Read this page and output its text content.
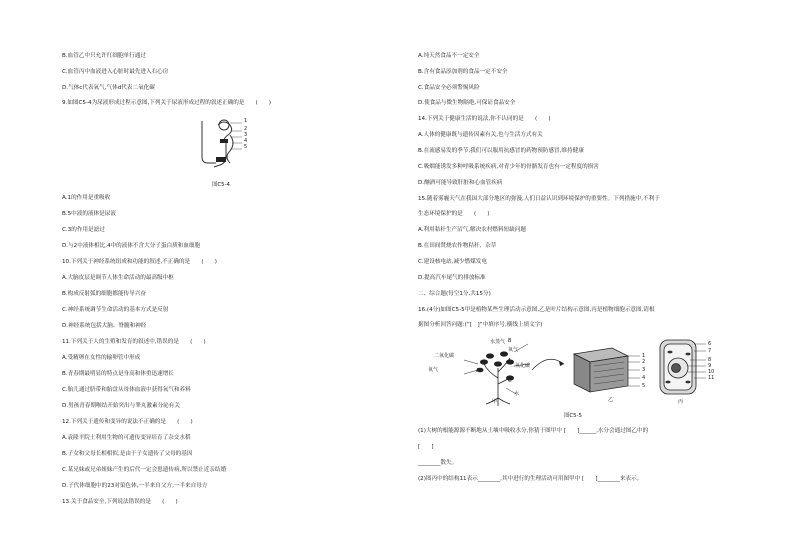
B.血管乙中只允许红细胞单行通过
C.血管丙中血液进入心脏时最先进入右心房
D.气体c代表氧气,气体d代表二氧化碳
9.如图C5-4为尿液形成过程示意图,下列关于尿液形成过程的叙述正确的是　　(　　)
1
2
3
4
5
图C5-4
A.1的作用是重吸收
B.5中液的液体是尿液
C.3的作用是滤过
D.与2中液体相比,4中的液体不含大分子蛋白质和血细胞
10.下列关于神经系统组成和功能的叙述,不正确的是　　(　　)
A.大脑皮层是调节人体生命活动的最高级中枢
B.构成反射弧的细胞都能传导兴奋
C.神经系统调节生命活动的基本方式是反射
D.神经系统包括大脑、脊髓和神经
11.下列关于人的生殖和发育的叙述中,错误的是　　(　　)
A.受精卵在女性的输卵管中形成
B.青春期最明显的特点是身高和体重迅速增长
C.胎儿通过脐带和胎盘从母体血液中获得氧气和养料
D.男孩青春期喉结开始突出与睾丸激素分泌有关
12.下列关于遗传和变异的说法不正确的是　　(　　)
A.袁隆平院士利用生物的可遗传变异培育了杂交水稻
B.子女和父母长相相似,是由于子女遗传了父母的基因
C.某兄妹或兄弟姐妹产生的后代一定会患遗传病,所以禁止近亲结婚
D.子代体细胞中的23对染色体,一半来自父方,一半来自母方
13.关于食品安全,下列说法错误的是　　(　　)
A.纯天然食品不一定安全
B.含有食品添加剂的食品一定不安全
C.食品安全必须警惕风险
D.使食品与微生物隔绝,可保证食品安全
14.下列关于健康生活的说法,你不认同的是　　(　　)
A.人体的健康既与遗传因素有关,也与生活方式有关
B.在流感易发的季节,我们可以服用抗感冒的药物预防感冒,维持健康
C.吸烟能诱发多种呼吸系统疾病,对青少年的骨骼发育也有一定程度的损害
D.酗酒可能导致肝脏和心血管疾病
15.随着雾霾天气在我国大部分地区的弥漫,人们日益认识到环境保护的重要性。下列措施中,不利于
生态环境保护的是　　(　　)
A.利用秸秆生产沼气,解决农村燃料短缺问题
B.在田间焚烧农作物秸秆、杂草
C.建设核电站,减少燃煤发电
D.提高汽车尾气的排放标准
二、综合题(每空1分,共15分)
16.(4分)如图C5-5甲是植物某些生理活动示意图,乙是叶片结构示意图,丙是植物细胞示意图,请根
据图分析回答问题:(“[　]”中填序号,横线上填文字)
水蒸气
二氧化碳
氧气
氧气
二氧化碳
水
B
A
C
1
2
3
4
5
6
7
8
9
10
11
甲	乙	丙
图C5-5
(1)大树的根能源源不断地从土壤中吸收水分,你猜于图甲中 [　　]______,水分会通过图乙中的
[　　]
________散失。
(2)图丙中的结构11表示________,其中进行的生理活动可用图甲中 [　　]________来表示。
